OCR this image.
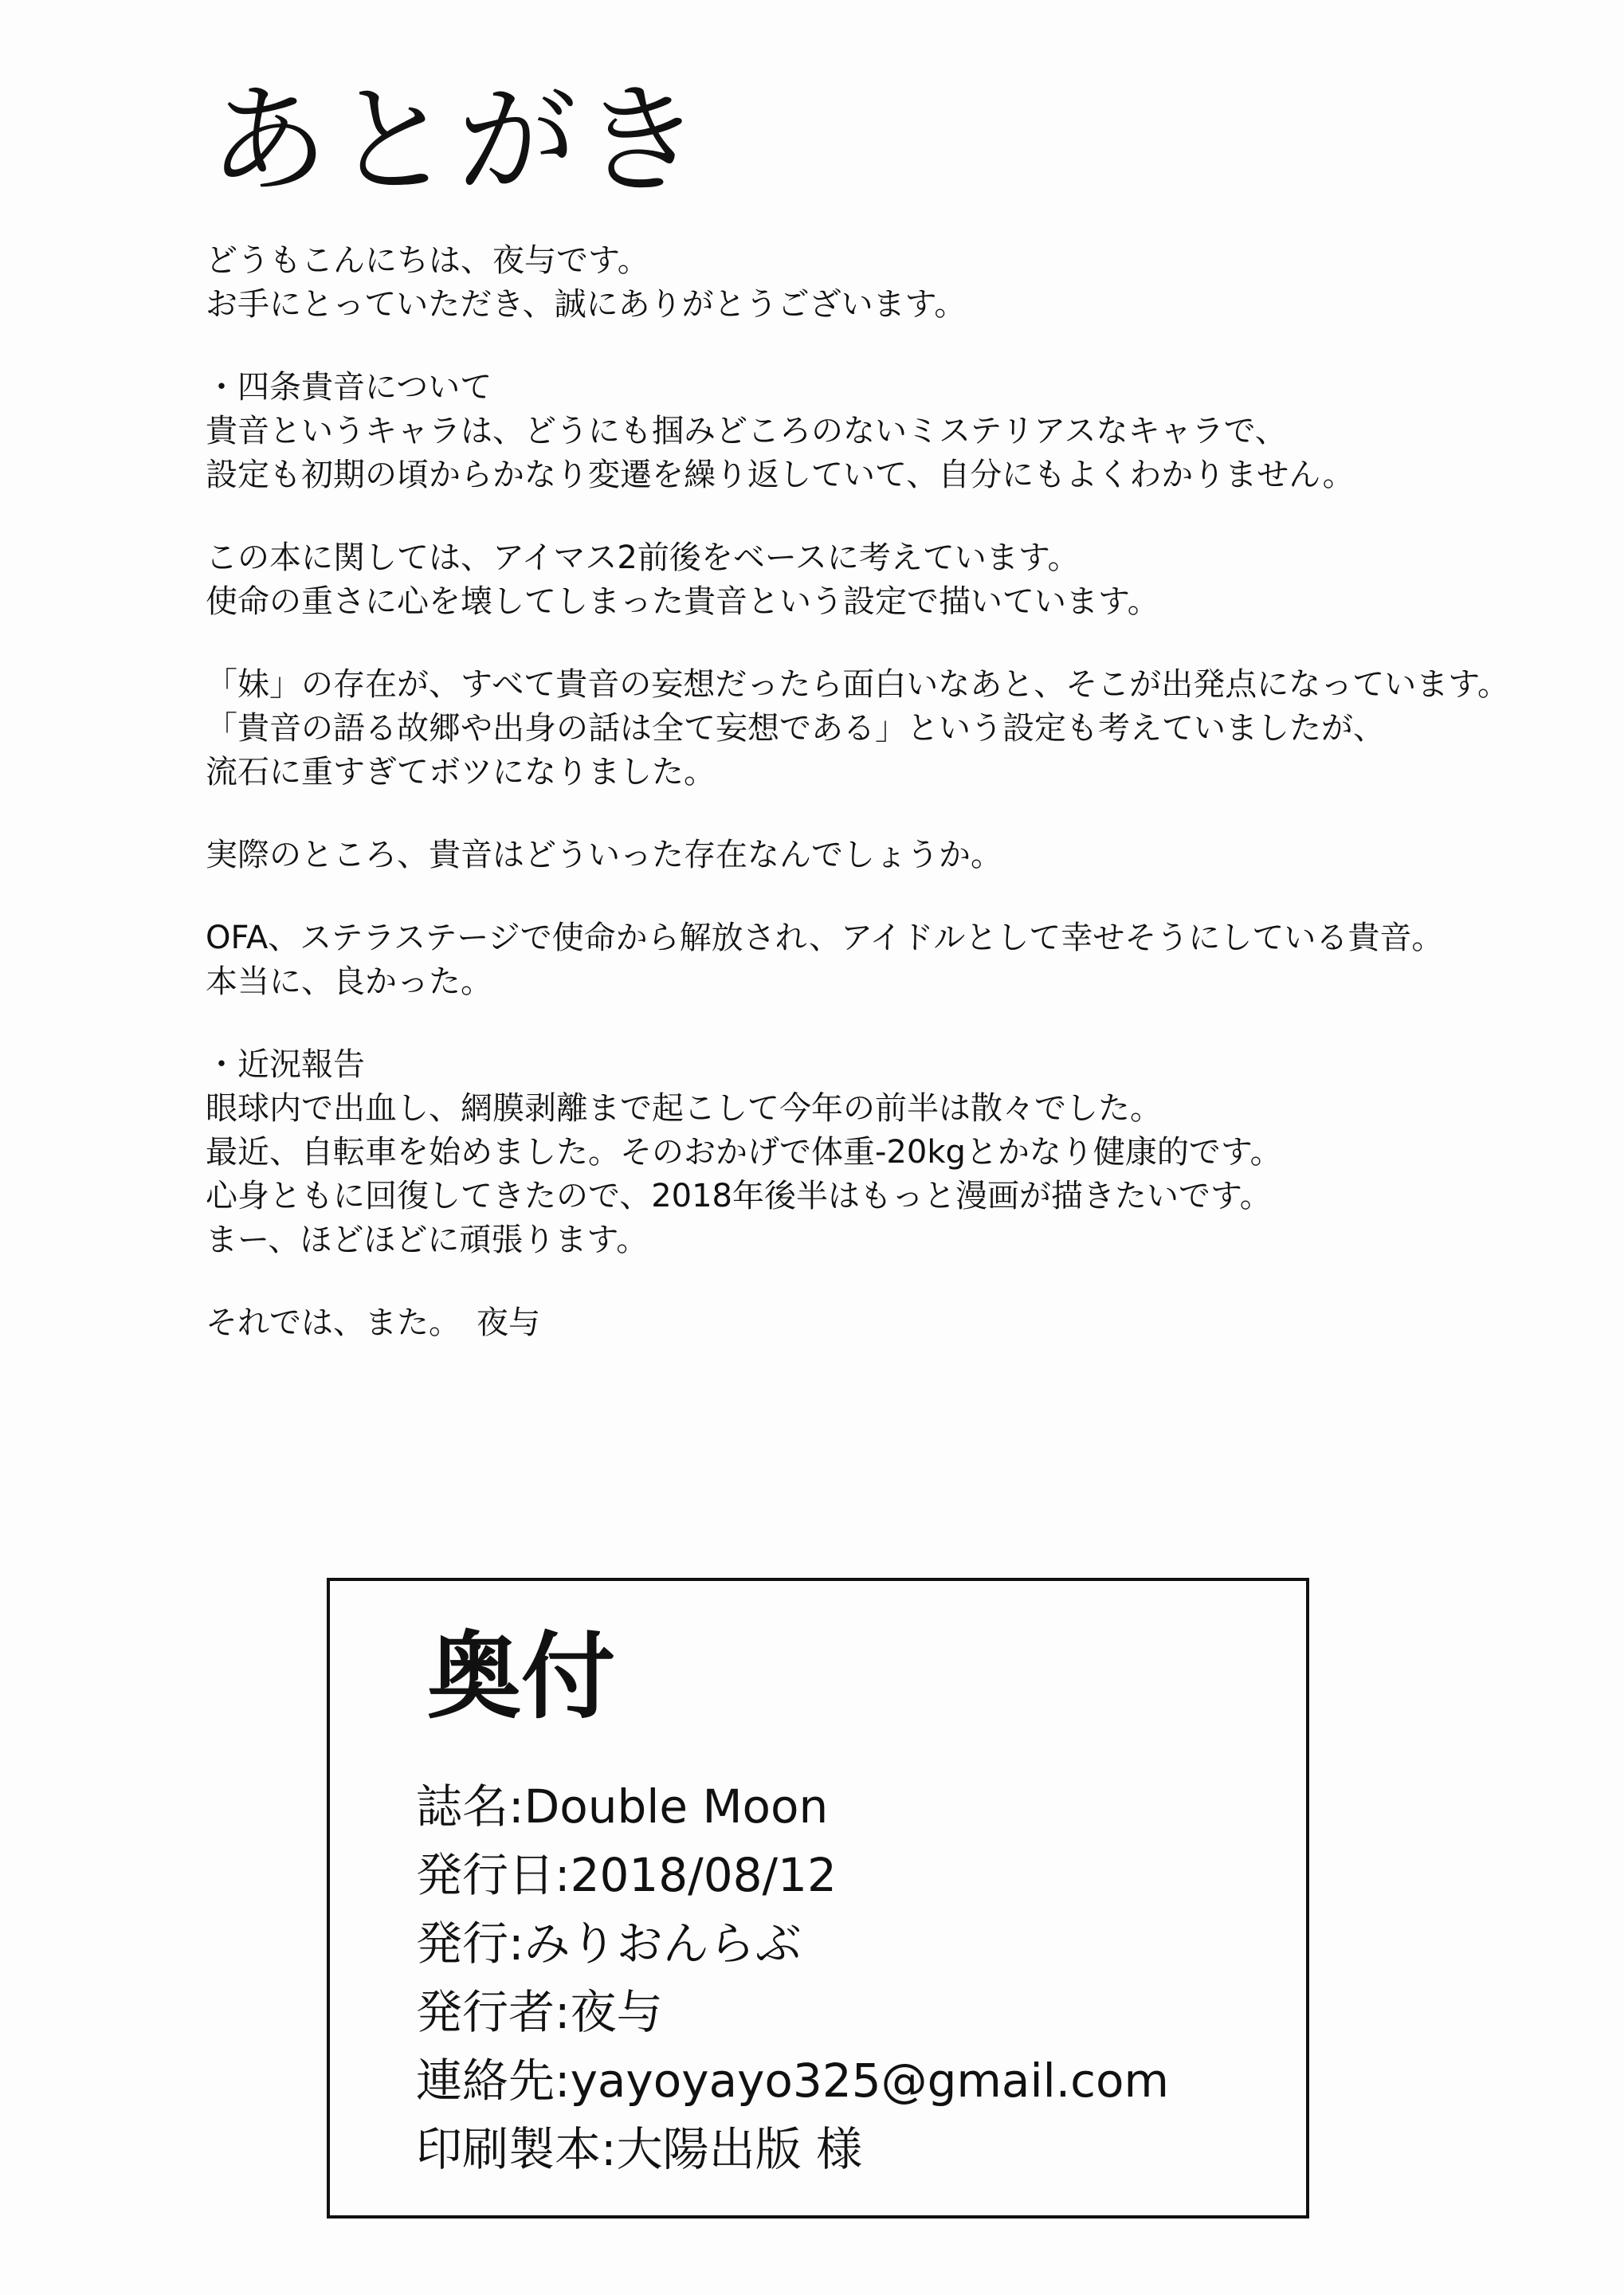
あとがき
どうもこんにちは、夜与です。
お手にとっていただき、誠にありがとうございます。
・四条貴音について
貴音というキャラは、どうにも掴みどころのないミステリアスなキャラで、
設定も初期の頃からかなり変遷を繰り返していて、自分にもよくわかりません。
この本に関しては、アイマス2前後をベースに考えています。
使命の重さに心を壊してしまった貴音という設定で描いています。
「妹」の存在が、すべて貴音の妄想だったら面白いなあと、そこが出発点になっています。
「貴音の語る故郷や出身の話は全て妄想である」という設定も考えていましたが、
流石に重すぎてボツになりました。
実際のところ、貴音はどういった存在なんでしょうか。
OFA、ステラステージで使命から解放され、アイドルとして幸せそうにしている貴音。
本当に、良かった。
・近況報告
眼球内で出血し、網膜剥離まで起こして今年の前半は散々でした。
最近、自転車を始めました。そのおかげで体重-20kgとかなり健康的です。
心身ともに回復してきたので、2018年後半はもっと漫画が描きたいです。
まー、ほどほどに頑張ります。
それでは、また。　夜与
奥付
誌名:Double Moon
発行日:2018/08/12
発行:みりおんらぶ
発行者:夜与
連絡先:yayoyayo325@gmail.com
印刷製本:大陽出版 様
